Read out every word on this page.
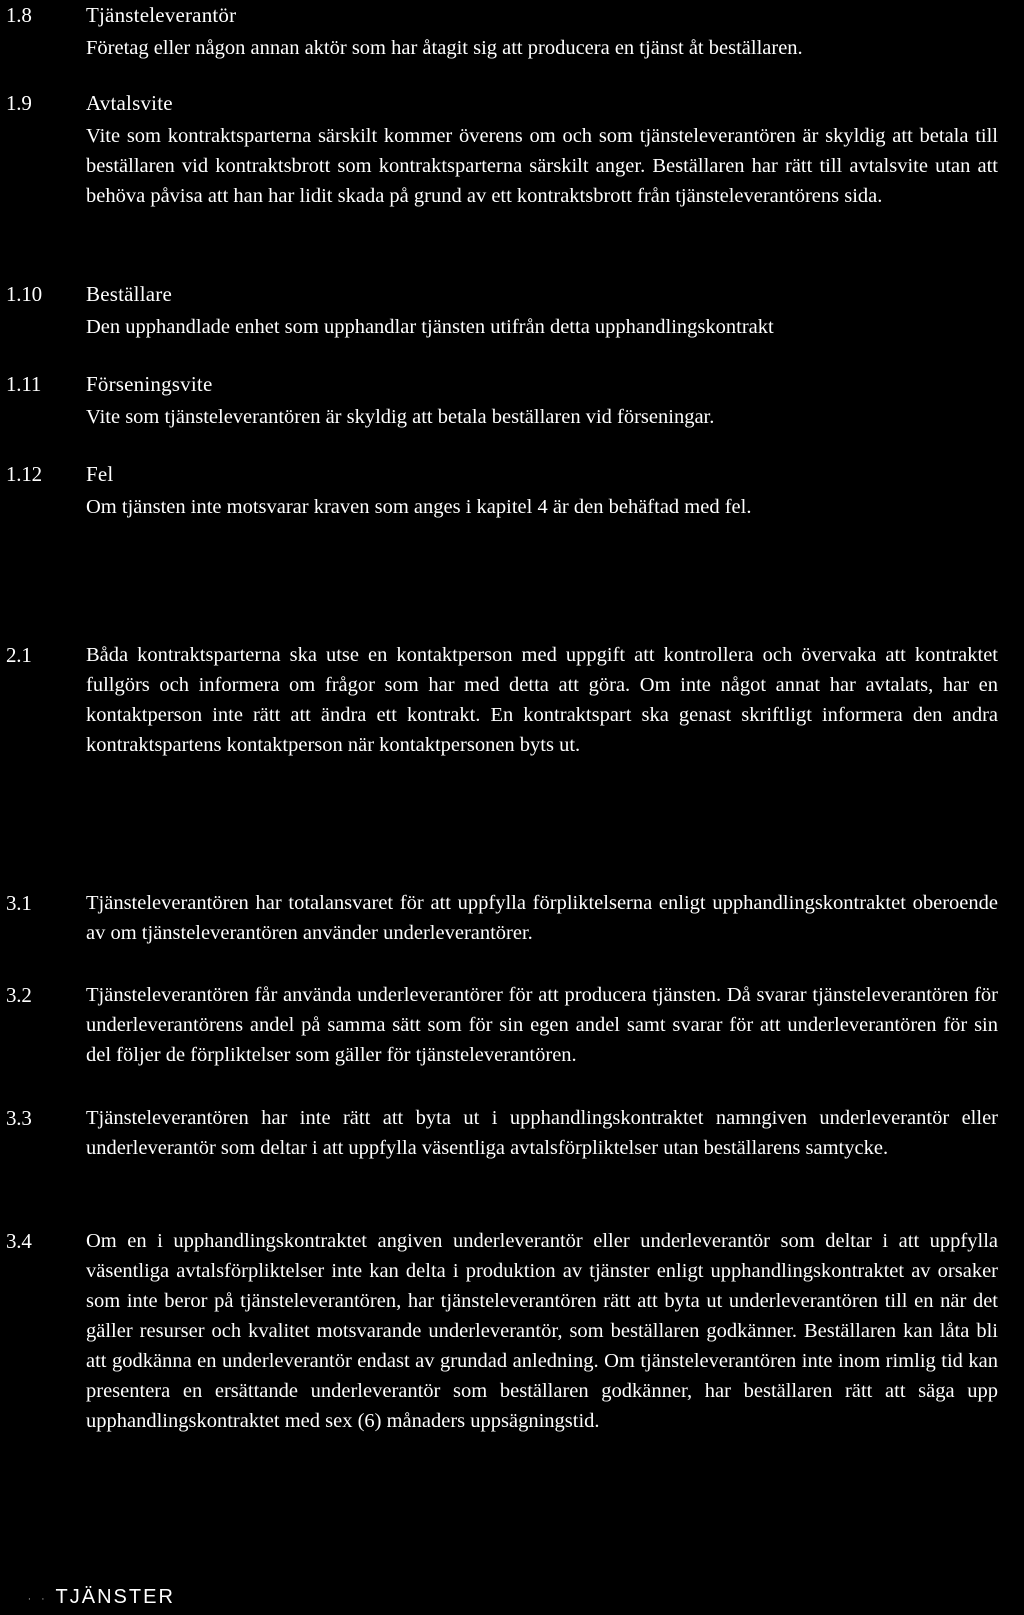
1.8	Tjänsteleverantör

Företag eller någon annan aktör som har åtagit sig att producera en tjänst åt beställaren.

1.9	Avtalsvite

Vite som kontraktsparterna särskilt kommer överens om och som tjänsteleverantören är skyldig att betala till beställaren vid kontraktsbrott som kontraktsparterna särskilt anger. Beställaren har rätt till avtalsvite utan att behöva påvisa att han har lidit skada på grund av ett kontraktsbrott från tjänsteleverantörens sida.

1.10 Beställare

Den upphandlade enhet som upphandlar tjänsten utifrån detta upphandlingskontrakt

1.11 Förseningsvite

Vite som tjänsteleverantören är skyldig att betala beställaren vid förseningar.

1.12 Fel

Om tjänsten inte motsvarar kraven som anges i kapitel 4 är den behäftad med fel.

2.1	Båda kontraktsparterna ska utse en kontaktperson med uppgift att kontrollera och övervaka att kontraktet fullgörs och informera om frågor som har med detta att göra. Om inte något annat har avtalats, har en kontaktperson inte rätt att ändra ett kontrakt. En kontraktspart ska genast skriftligt informera den andra kontraktspartens kontaktperson när kontaktpersonen byts ut.

3.1	Tjänsteleverantören har totalansvaret för att uppfylla förpliktelserna enligt upphandlingskontraktet oberoende av om tjänsteleverantören använder underleverantörer.

3.2	Tjänsteleverantören får använda underleverantörer för att producera tjänsten. Då svarar tjänsteleverantören för underleverantörens andel på samma sätt som för sin egen andel samt svarar för att underleverantören för sin del följer de förpliktelser som gäller för tjänsteleverantören.

3.3	Tjänsteleverantören har inte rätt att byta ut i upphandlingskontraktet namngiven underleverantör eller underleverantör som deltar i att uppfylla väsentliga avtalsförpliktelser utan beställarens samtycke.

3.4	Om en i upphandlingskontraktet angiven underleverantör eller underleverantör som deltar i att uppfylla väsentliga avtalsförpliktelser inte kan delta i produktion av tjänster enligt upphandlingskontraktet av orsaker som inte beror på tjänsteleverantören, har tjänsteleverantören rätt att byta ut underleverantören till en när det gäller resurser och kvalitet motsvarande underleverantör, som beställaren godkänner. Beställaren kan låta bli att godkänna en underleverantör endast av grundad anledning. Om tjänsteleverantören inte inom rimlig tid kan presentera en ersättande underleverantör som beställaren godkänner, har beställaren rätt att säga upp upphandlingskontraktet med sex (6) månaders uppsägningstid.

. . TJÄNSTER
